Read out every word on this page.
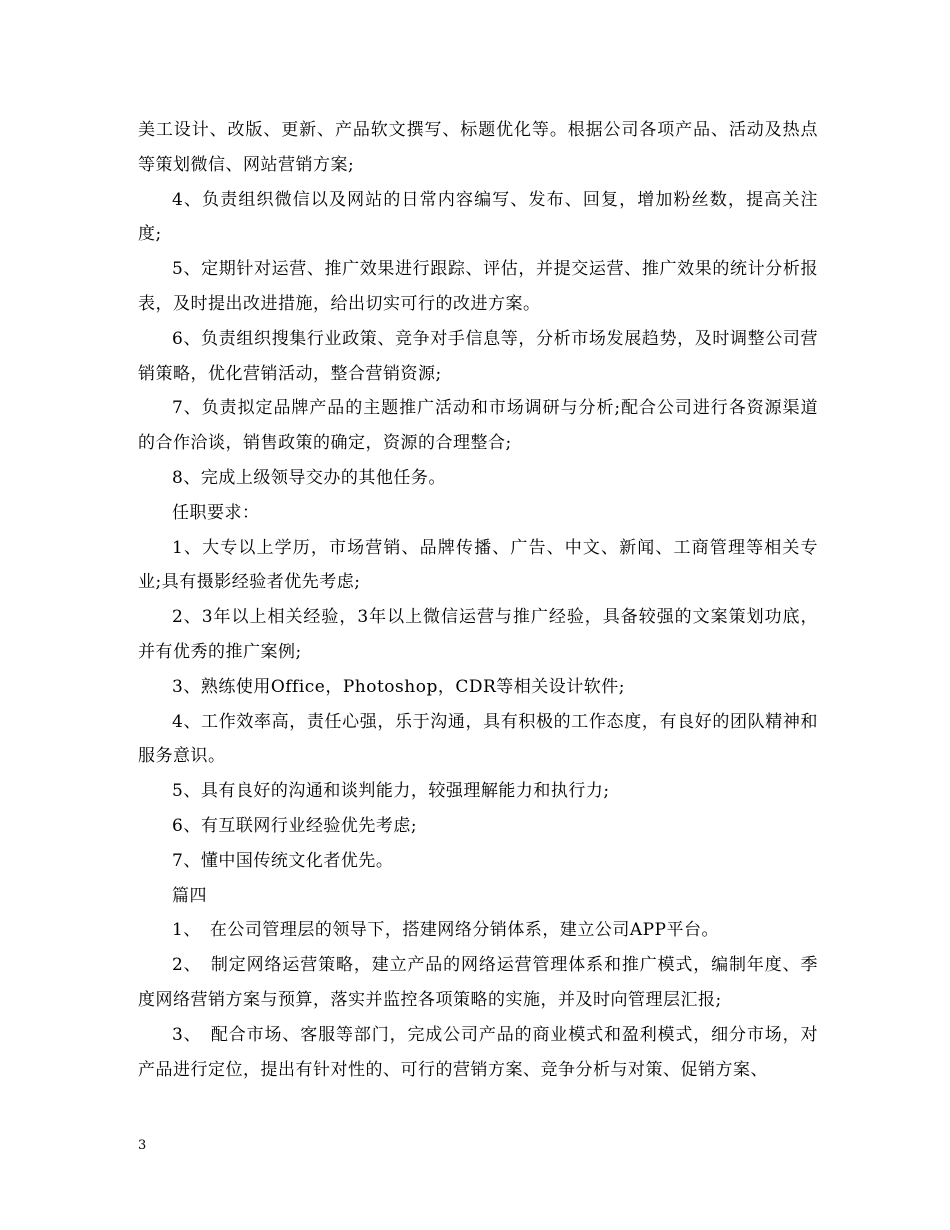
美工设计、改版、更新、产品软文撰写、标题优化等。根据公司各项产品、活动及热点等策划微信、网站营销方案;

4、负责组织微信以及网站的日常内容编写、发布、回复，增加粉丝数，提高关注度;

5、定期针对运营、推广效果进行跟踪、评估，并提交运营、推广效果的统计分析报表，及时提出改进措施，给出切实可行的改进方案。

6、负责组织搜集行业政策、竞争对手信息等，分析市场发展趋势，及时调整公司营销策略，优化营销活动，整合营销资源;

7、负责拟定品牌产品的主题推广活动和市场调研与分析;配合公司进行各资源渠道的合作洽谈，销售政策的确定，资源的合理整合;

8、完成上级领导交办的其他任务。

任职要求：

1、大专以上学历，市场营销、品牌传播、广告、中文、新闻、工商管理等相关专业;具有摄影经验者优先考虑;

2、3年以上相关经验，3年以上微信运营与推广经验，具备较强的文案策划功底，并有优秀的推广案例;

3、熟练使用Office，Photoshop，CDR等相关设计软件;

4、工作效率高，责任心强，乐于沟通，具有积极的工作态度，有良好的团队精神和服务意识。

5、具有良好的沟通和谈判能力，较强理解能力和执行力;

6、有互联网行业经验优先考虑;

7、懂中国传统文化者优先。

篇四

1、　在公司管理层的领导下，搭建网络分销体系，建立公司APP平台。

2、　制定网络运营策略，建立产品的网络运营管理体系和推广模式，编制年度、季度网络营销方案与预算，落实并监控各项策略的实施，并及时向管理层汇报;

3、　配合市场、客服等部门，完成公司产品的商业模式和盈利模式，细分市场，对产品进行定位，提出有针对性的、可行的营销方案、竞争分析与对策、促销方案、

3
